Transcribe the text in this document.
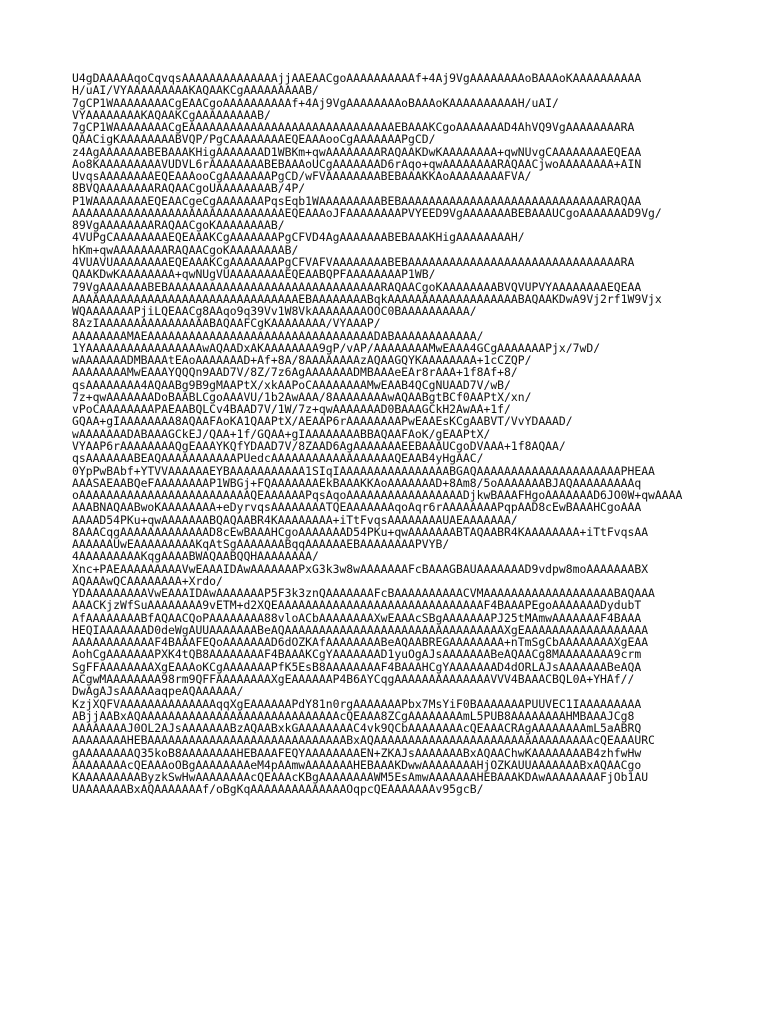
U4gDAAAAAqoCqvqsAAAAAAAAAAAAAAjjAAEAACgoAAAAAAAAAAf+4Aj9VgAAAAAAAAoBAAAoKAAAAAAAAAA
H/uAI/VYAAAAAAAAAKAQAAKCgAAAAAAAAAB/
7gCP1WAAAAAAAACgEAACgoAAAAAAAAAAf+4Aj9VgAAAAAAAAoBAAAoKAAAAAAAAAAH/uAI/
VYAAAAAAAAKAQAAKCgAAAAAAAAAB/
7gCP1WAAAAAAAACgEAAAAAAAAAAAAAAAAAAAAAAAAAAAAAAEBAAAKCgoAAAAAAAD4AhVQ9VgAAAAAAAARA
QAACigKAAAAAAAABVQP/PgCAAAAAAAAEQEAAAooCgAAAAAAAPgCD/
z4AgAAAAAAABEBAAAKHigAAAAAAAD1WBKm+qwAAAAAAAARAQAAKDwKAAAAAAAA+qwNUvgCAAAAAAAAEQEAA
Ao8KAAAAAAAAAVUDVL6rAAAAAAAABEBAAAoUCgAAAAAAAD6rAqo+qwAAAAAAAARAQAACjwoAAAAAAAA+AIN
UvqsAAAAAAAAEQEAAAooCgAAAAAAAPgCD/wFVAAAAAAAABEBAAAKKAoAAAAAAAAFVA/
8BVQAAAAAAAARAQAACgoUAAAAAAAAB/4P/
P1WAAAAAAAAEQEAACgeCgAAAAAAAPqsEqb1WAAAAAAAAABEBAAAAAAAAAAAAAAAAAAAAAAAAAAAAAARAQAA
AAAAAAAAAAAAAAAAAAAAAAAAAAAAAAAEQEAAAoJFAAAAAAAAPVYEED9VgAAAAAAABEBAAAUCgoAAAAAAAD9Vg/
89VgAAAAAAAARAQAACgoKAAAAAAAAB/
4VUPgCAAAAAAAAEQEAAAKCgAAAAAAAPgCFVD4AgAAAAAAABEBAAAKHigAAAAAAAAH/
hKm+qwAAAAAAAARAQAACgoKAAAAAAAAB/
4VUAVUAAAAAAAAEQEAAAKCgAAAAAAAPgCFVAFVAAAAAAAABEBAAAAAAAAAAAAAAAAAAAAAAAAAAAAAAARA
QAAKDwKAAAAAAAA+qwNUgVUAAAAAAAAEQEAABQPFAAAAAAAAP1WB/
79VgAAAAAAABEBAAAAAAAAAAAAAAAAAAAAAAAAAAAAAAARAQAACgoKAAAAAAAABVQVUPVYAAAAAAAAEQEAA
AAAAAAAAAAAAAAAAAAAAAAAAAAAAAAAAAEBAAAAAAAABqkAAAAAAAAAAAAAAAAAAABAQAAKDwA9Vj2rf1W9Vjx
WQAAAAAAAPjiLQEAACg8AAqo9q39Vv1W8VkAAAAAAAAOOC0BAAAAAAAAAA/
8AzIAAAAAAAAAAAAAAAABAQAAFCgKAAAAAAAA/VYAAAP/
AAAAAAAAMAEAAAAAAAAAAAAAAAAAAAAAAAAAAAAAAAAADABAAAAAAAAAAAA/
1YAAAAAAAAAAAAAAAAAwAQAADxAKAAAAAAAA9gP/vAP/AAAAAAAAMwEAAA4GCgAAAAAAAPjx/7wD/
wAAAAAAADMBAAAtEAoAAAAAAAD+Af+8A/8AAAAAAAAzAQAAGQYKAAAAAAAA+1cCZQP/
AAAAAAAAMwEAAAYQQQn9AAD7V/8Z/7z6AgAAAAAAADMBAAAeEAr8rAAA+1f8Af+8/
qsAAAAAAAA4AQAABg9B9gMAAPtX/xkAAPoCAAAAAAAAMwEAAB4QCgNUAAD7V/wB/
7z+qwAAAAAAADoBAABLCgoAAAVU/1b2AwAAA/8AAAAAAAAwAQAABgtBCf0AAPtX/xn/
vPoCAAAAAAAAPAEAABQLCv4BAAD7V/1W/7z+qwAAAAAAAD0BAAAGCkH2AwAA+1f/
GQAA+gIAAAAAAAA8AQAAFAoKA1QAAPtX/AEAAP6rAAAAAAAAPwEAAEsKCgAABVT/VvYDAAAD/
wAAAAAAADABAAAGCkEJ/QAA+1f/GQAA+gIAAAAAAAABBAQAAFAoK/gEAAPtX/
VYAAP6rAAAAAAAAQgEAAAYKQfYDAAD7V/8ZAAD6AgAAAAAAAEEBAAAUCgoDVAAA+1f8AQAA/
qsAAAAAAABEAQAAAAAAAAAAAPUedcAAAAAAAAAAAAAAAAAAQEAAB4yHgAAC/
0YpPwBAbf+YTVVAAAAAAEYBAAAAAAAAAAA1SIqIAAAAAAAAAAAAAAAABGAQAAAAAAAAAAAAAAAAAAAAAPHEAA
AAASAEAABQeFAAAAAAAAP1WBGj+FQAAAAAAAEkBAAAKKAoAAAAAAAD+8Am8/5oAAAAAAABJAQAAAAAAAAAq
oAAAAAAAAAAAAAAAAAAAAAAAAAQEAAAAAAPqsAqoAAAAAAAAAAAAAAAAADjkwBAAAFHgoAAAAAAAD6JO0W+qwAAAA
AAABNAQAABwoKAAAAAAAA+eDyrvqsAAAAAAAATQEAAAAAAAqoAqr6rAAAAAAAAPqpAAD8cEwBAAAHCgoAAA
AAAAD54PKu+qwAAAAAAABQAQAABR4KAAAAAAAA+iTtFvqsAAAAAAAAUAEAAAAAAA/
8AAACqgAAAAAAAAAAAAAD8cEwBAAAHCgoAAAAAAAD54PKu+qwAAAAAAABTAQAABR4KAAAAAAAA+iTtFvqsAA
AAAAAAUwEAAAAAAAAAKqAtSgAAAAAAABqqAAAAAAEBAAAAAAAAPVYB/
4AAAAAAAAAKqgAAAABWAQAABQQHAAAAAAAA/
Xnc+PAEAAAAAAAAAVwEAAAIDAwAAAAAAAPxG3k3w8wAAAAAAAFcBAAAGBAUAAAAAAAD9vdpw8moAAAAAAABX
AQAAAwQCAAAAAAAA+Xrdo/
YDAAAAAAAAAVwEAAAIDAwAAAAAAAP5F3k3znQAAAAAAAFcBAAAAAAAAAACVMAAAAAAAAAAAAAAAAAAABAQAAA
AAACKjzWfSuAAAAAAAA9vETM+d2XQEAAAAAAAAAAAAAAAAAAAAAAAAAAAAAAF4BAAAPEgoAAAAAAADydubT
AfAAAAAAAABfAQAACQoPAAAAAAAA88vloACbAAAAAAAAXwEAAAcSBgAAAAAAAPJ25tMAmwAAAAAAAF4BAAA
HEQIAAAAAAAD0deWgAUUAAAAAAABeAQAAAAAAAAAAAAAAAAAAAAAAAAAAAAAAAAXgEAAAAAAAAAAAAAAAAAA
AAAAAAAAAAAAF4BAAAFEQoAAAAAAAD6dOZKAfAAAAAAAABeAQAABREGAAAAAAAA+nTmSgCbAAAAAAAAXgEAA
AohCgAAAAAAAPXK4tQB8AAAAAAAAF4BAAAKCgYAAAAAAAD1yuOgAJsAAAAAAABeAQAACg8MAAAAAAAA9crm
SgFFAAAAAAAAXgEAAAoKCgAAAAAAAPfK5EsB8AAAAAAAAF4BAAAHCgYAAAAAAAD4dORLAJsAAAAAAABeAQA
ACgwMAAAAAAAA98rm9QFFAAAAAAAAXgEAAAAAAP4B6AYCqgAAAAAAAAAAAAAAVVV4BAAACBQL0A+YHAf//
DwAgAJsAAAAAaqpeAQAAAAAA/
KzjXQFVAAAAAAAAAAAAAAqqXgEAAAAAAPdY81n0rgAAAAAAAPbx7MsYiF0BAAAAAAAPUUVEC1IAAAAAAAAA
ABjjAABxAQAAAAAAAAAAAAAAAAAAAAAAAAAAAAAcQEAAA8ZCgAAAAAAAAmL5PUB8AAAAAAAAHMBAAAJCg8
AAAAAAAAJ0OL2AJsAAAAAAABzAQAABxkGAAAAAAAAC4vk9QCbAAAAAAAAcQEAAACRAgAAAAAAAAmL5aABRQ
AAAAAAAAHEBAAAAAAAAAAAAAAAAAAAAAAAAAAAAABxAQAAAAAAAAAAAAAAAAAAAAAAAAAAAAAAAAcQEAAAURC
gAAAAAAAAQ35koB8AAAAAAAAHEBAAAFEQYAAAAAAAAEN+ZKAJsAAAAAAABxAQAAChwKAAAAAAAAB4zhfwHw
AAAAAAAAcQEAAAoOBgAAAAAAAAeM4pAAmwAAAAAAAHEBAAAKDwwAAAAAAAAHjOZKAUUAAAAAAABxAQAACgo
KAAAAAAAAAByzkSwHwAAAAAAAAcQEAAAcKBgAAAAAAAAWM5EsAmwAAAAAAAHEBAAAKDAwAAAAAAAAFjOb1AU
UAAAAAAABxAQAAAAAAAf/oBgKqAAAAAAAAAAAAAAOqpcQEAAAAAAAv95gcB/
